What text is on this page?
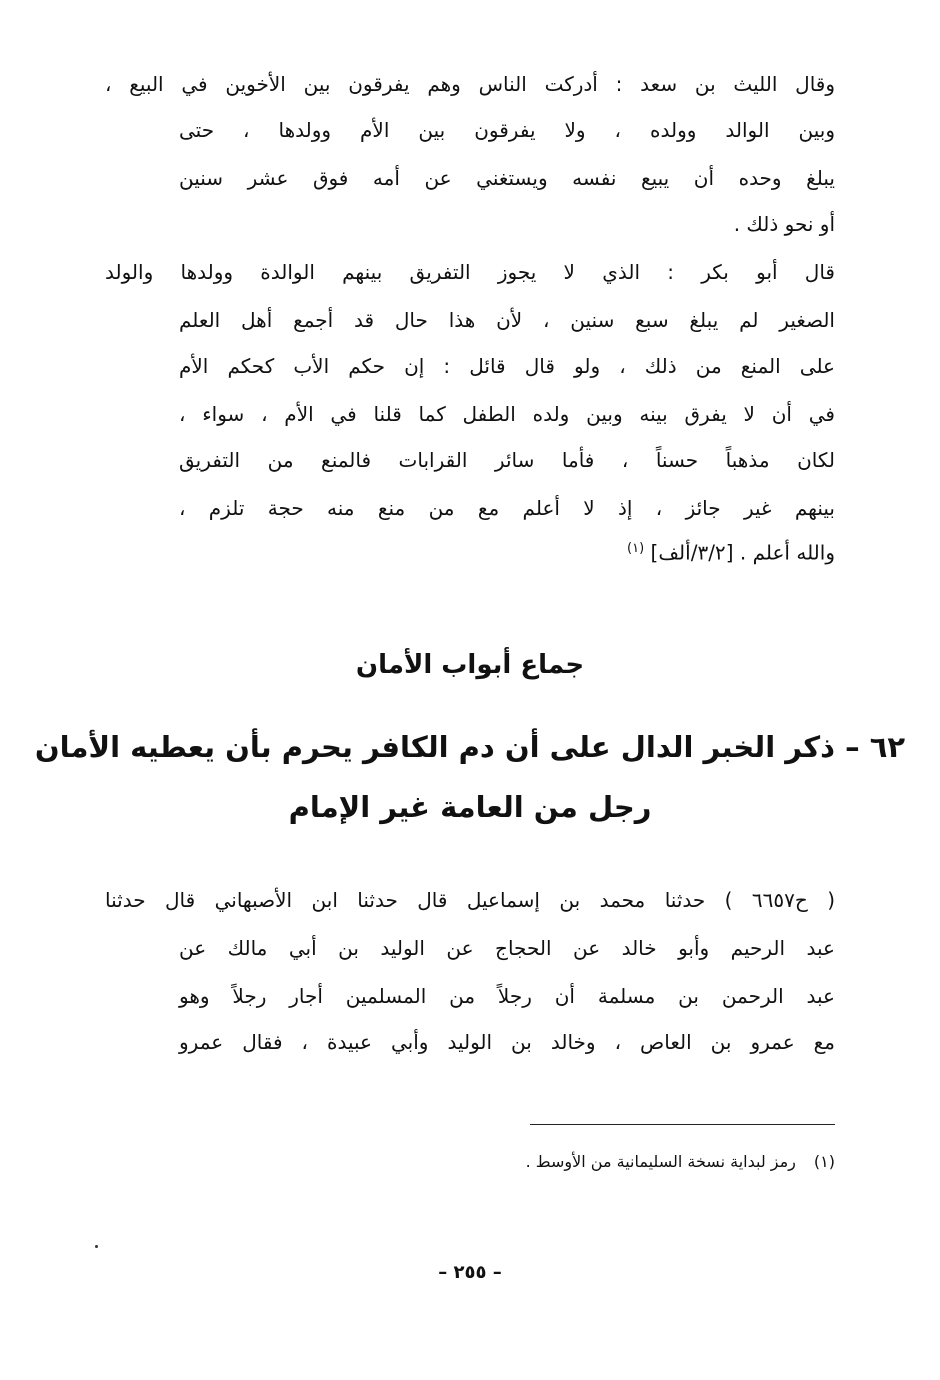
وقال الليث بن سعد : أدركت الناس وهم يفرقون بين الأخوين في البيع ،
وبين الوالد وولده ، ولا يفرقون بين الأم وولدها ، حتى
يبلغ وحده أن يبيع نفسه ويستغني عن أمه فوق عشر سنين
أو نحو ذلك .
قال أبو بكر : الذي لا يجوز التفريق بينهم الوالدة وولدها والولد
الصغير لم يبلغ سبع سنين ، لأن هذا حال قد أجمع أهل العلم
على المنع من ذلك ، ولو قال قائل : إن حكم الأب كحكم الأم
في أن لا يفرق بينه وبين ولده الطفل كما قلنا في الأم ، سواء ،
لكان مذهباً حسناً ، فأما سائر القرابات فالمنع من التفريق
بينهم غير جائز ، إذ لا أعلم مع من منع منه حجة تلزم ،
والله أعلم . [٣/٢/ألف] $^{(١)}$
جماع أبواب الأمان
٦٢ – ذكر الخبر الدال على أن دم الكافر يحرم بأن يعطيه الأمان
رجل من العامة غير الإمام
( ح٦٦٥٧ ) حدثنا محمد بن إسماعيل قال حدثنا ابن الأصبهاني قال حدثنا
عبد الرحيم وأبو خالد عن الحجاج عن الوليد بن أبي مالك عن
عبد الرحمن بن مسلمة أن رجلاً من المسلمين أجار رجلاً وهو
مع عمرو بن العاص ، وخالد بن الوليد وأبي عبيدة ، فقال عمرو
(١)رمز لبداية نسخة السليمانية من الأوسط .
– ٢٥٥ –
